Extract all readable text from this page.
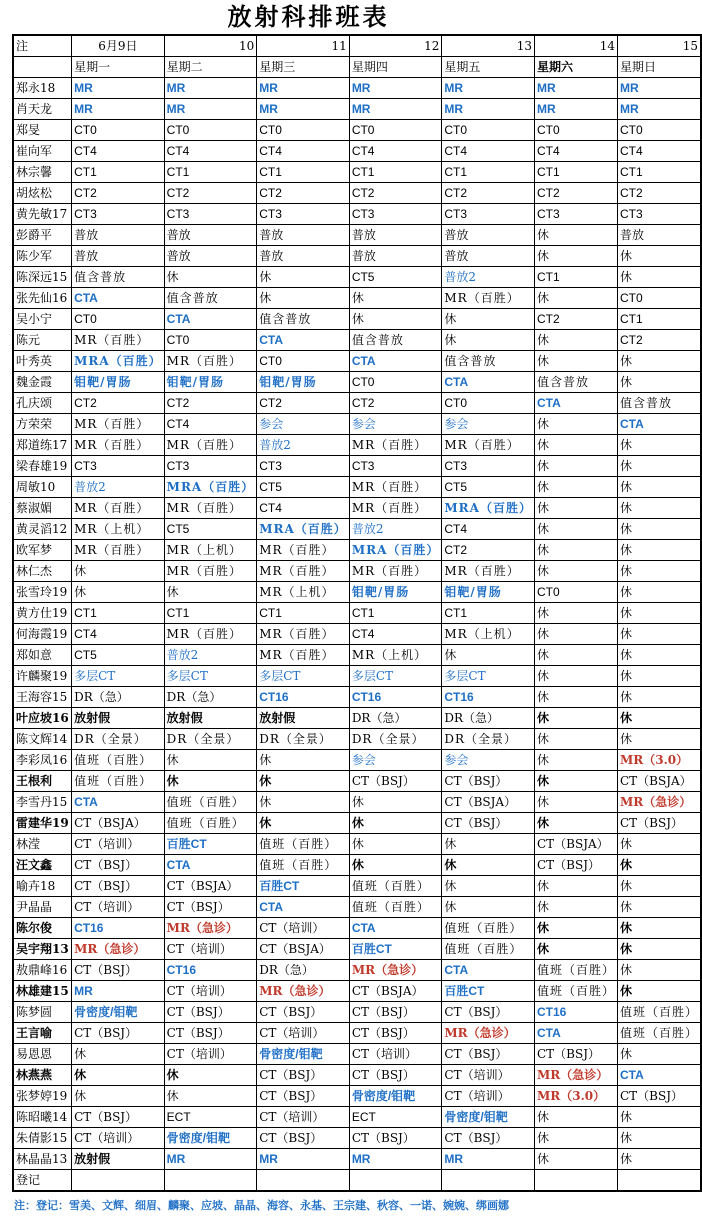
放射科排班表
注	6月9日	10	11	12	13	14	15
	星期一	星期二	星期三	星期四	星期五	星期六	星期日
郑永18	MR	MR	MR	MR	MR	MR	MR
肖天龙	MR	MR	MR	MR	MR	MR	MR
郑旻	CT0	CT0	CT0	CT0	CT0	CT0	CT0
崔向军	CT4	CT4	CT4	CT4	CT4	CT4	CT4
林宗馨	CT1	CT1	CT1	CT1	CT1	CT1	CT1
胡炫松	CT2	CT2	CT2	CT2	CT2	CT2	CT2
黄先敏17	CT3	CT3	CT3	CT3	CT3	CT3	CT3
彭爵平	普放	普放	普放	普放	普放	休	普放
陈少军	普放	普放	普放	普放	普放	休	休
陈深远15	值含普放	休	休	CT5	普放2	CT1	休
张先仙16	CTA	值含普放	休	休	MR（百胜）	休	CT0
吴小宁	CT0	CTA	值含普放	休	休	CT2	CT1
陈元	MR（百胜）	CT0	CTA	值含普放	休	休	CT2
叶秀英	MRA（百胜）	MR（百胜）	CT0	CTA	值含普放	休	休
魏金霞	钼靶/胃肠	钼靶/胃肠	钼靶/胃肠	CT0	CTA	值含普放	休
孔庆颂	CT2	CT2	CT2	CT2	CT0	CTA	值含普放
方荣荣	MR（百胜）	CT4	参会	参会	参会	休	CTA
郑道练17	MR（百胜）	MR（百胜）	普放2	MR（百胜）	MR（百胜）	休	休
梁春雄19	CT3	CT3	CT3	CT3	CT3	休	休
周敏10	普放2	MRA（百胜）	CT5	MR（百胜）	CT5	休	休
蔡淑媚	MR（百胜）	MR（百胜）	CT4	MR（百胜）	MRA（百胜）	休	休
黄灵滔12	MR（上机）	CT5	MRA（百胜）	普放2	CT4	休	休
欧军梦	MR（百胜）	MR（上机）	MR（百胜）	MRA（百胜）	CT2	休	休
林仁杰	休	MR（百胜）	MR（百胜）	MR（百胜）	MR（百胜）	休	休
张雪玲19	休	休	MR（上机）	钼靶/胃肠	钼靶/胃肠	CT0	休
黄方仕19	CT1	CT1	CT1	CT1	CT1	休	休
何海霞19	CT4	MR（百胜）	MR（百胜）	CT4	MR（上机）	休	休
郑如意	CT5	普放2	MR（百胜）	MR（上机）	休	休	休
许麟聚19	多层CT	多层CT	多层CT	多层CT	多层CT	休	休
王海容15	DR（急）	DR（急）	CT16	CT16	CT16	休	休
叶应坡16	放射假	放射假	放射假	DR（急）	DR（急）	休	休
陈文辉14	DR（全景）	DR（全景）	DR（全景）	DR（全景）	DR（全景）	休	休
李彩凤16	值班（百胜）	休	休	参会	参会	休	MR（3.0）
王根利	值班（百胜）	休	休	CT（BSJ）	CT（BSJ）	休	CT（BSJA）
李雪丹15	CTA	值班（百胜）	休	休	CT（BSJA）	休	MR（急诊）
雷建华19	CT（BSJA）	值班（百胜）	休	休	CT（BSJ）	休	CT（BSJ）
林滢	CT（培训）	百胜CT	值班（百胜）	休	休	CT（BSJA）	休
汪文鑫	CT（BSJ）	CTA	值班（百胜）	休	休	CT（BSJ）	休
喻卉18	CT（BSJ）	CT（BSJA）	百胜CT	值班（百胜）	休	休	休
尹晶晶	CT（培训）	CT（BSJ）	CTA	值班（百胜）	休	休	休
陈尔俊	CT16	MR（急诊）	CT（培训）	CTA	值班（百胜）	休	休
吴宇翔13	MR（急诊）	CT（培训）	CT（BSJA）	百胜CT	值班（百胜）	休	休
敖鼎峰16	CT（BSJ）	CT16	DR（急）	MR（急诊）	CTA	值班（百胜）	休
林雄建15	MR	CT（培训）	MR（急诊）	CT（BSJA）	百胜CT	值班（百胜）	休
陈梦圆	骨密度/钼靶	CT（BSJ）	CT（BSJ）	CT（BSJ）	CT（BSJ）	CT16	值班（百胜）
王言喻	CT（BSJ）	CT（BSJ）	CT（培训）	CT（BSJ）	MR（急诊）	CTA	值班（百胜）
易恩恩	休	CT（培训）	骨密度/钼靶	CT（培训）	CT（BSJ）	CT（BSJ）	休
林燕燕	休	休	CT（BSJ）	CT（BSJ）	CT（培训）	MR（急诊）	CTA
张梦婷19	休	休	CT（BSJ）	骨密度/钼靶	CT（培训）	MR（3.0）	CT（BSJ）
陈昭曦14	CT（BSJ）	ECT	CT（培训）	ECT	骨密度/钼靶	休	休
朱倩影15	CT（培训）	骨密度/钼靶	CT（BSJ）	CT（BSJ）	CT（BSJ）	休	休
林晶晶13	放射假	MR	MR	MR	MR	休	休
登记							
注：登记：雪美、文辉、细眉、麟聚、应坡、晶晶、海容、永基、王宗建、秋容、一诺、婉婉、绑画娜
